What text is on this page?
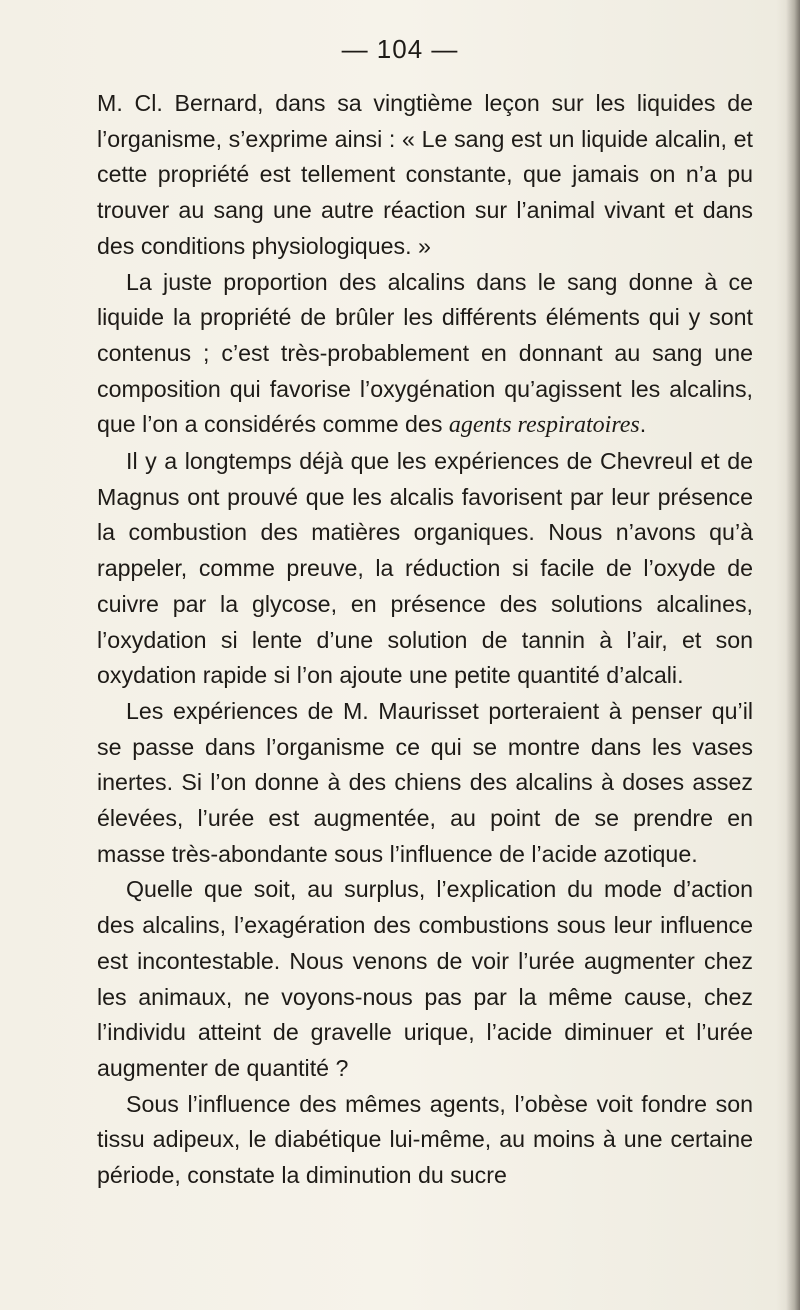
— 104 —

M. Cl. Bernard, dans sa vingtième leçon sur les liquides de l’organisme, s’exprime ainsi : « Le sang est un liquide alcalin, et cette propriété est tellement constante, que jamais on n’a pu trouver au sang une autre réaction sur l’animal vivant et dans des conditions physiologiques. »

La juste proportion des alcalins dans le sang donne à ce liquide la propriété de brûler les différents éléments qui y sont contenus ; c’est très-probablement en donnant au sang une composition qui favorise l’oxygénation qu’agissent les alcalins, que l’on a considérés comme des agents respiratoires.

Il y a longtemps déjà que les expériences de Chevreul et de Magnus ont prouvé que les alcalis favorisent par leur présence la combustion des matières organiques. Nous n’avons qu’à rappeler, comme preuve, la réduction si facile de l’oxyde de cuivre par la glycose, en présence des solutions alcalines, l’oxydation si lente d’une solution de tannin à l’air, et son oxydation rapide si l’on ajoute une petite quantité d’alcali.

Les expériences de M. Maurisset porteraient à penser qu’il se passe dans l’organisme ce qui se montre dans les vases inertes. Si l’on donne à des chiens des alcalins à doses assez élevées, l’urée est augmentée, au point de se prendre en masse très-abondante sous l’influence de l’acide azotique.

Quelle que soit, au surplus, l’explication du mode d’action des alcalins, l’exagération des combustions sous leur influence est incontestable. Nous venons de voir l’urée augmenter chez les animaux, ne voyons-nous pas par la même cause, chez l’individu atteint de gravelle urique, l’acide diminuer et l’urée augmenter de quantité ?

Sous l’influence des mêmes agents, l’obèse voit fondre son tissu adipeux, le diabétique lui-même, au moins à une certaine période, constate la diminution du sucre
